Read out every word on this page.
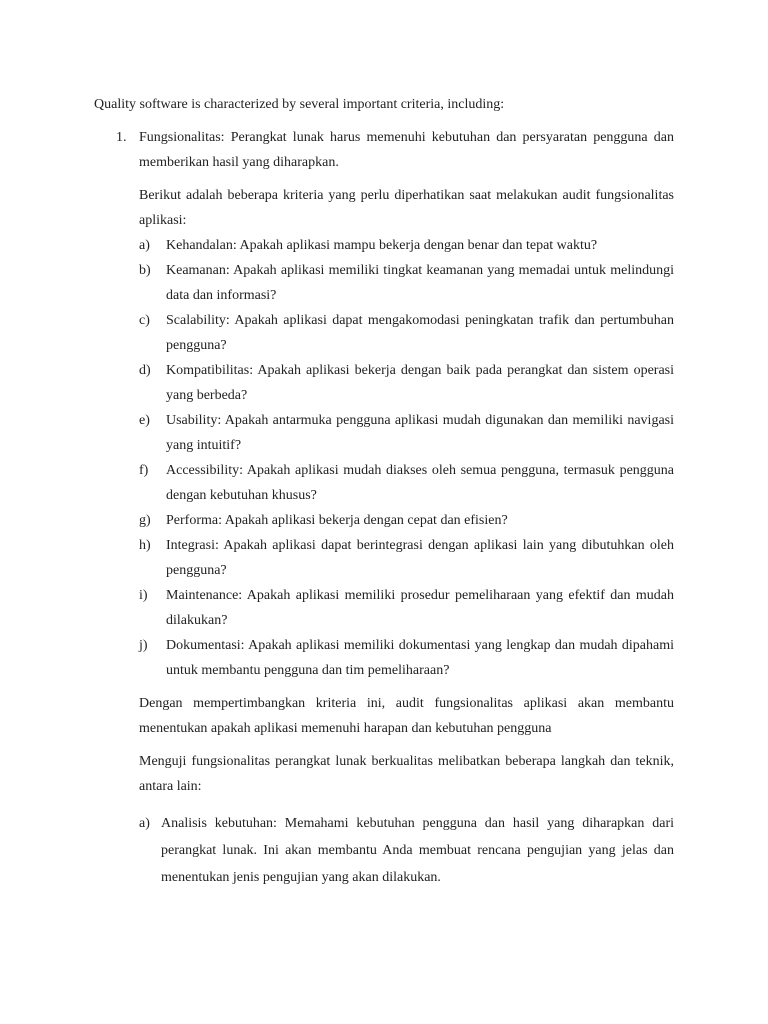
Quality software is characterized by several important criteria, including:
1. Fungsionalitas: Perangkat lunak harus memenuhi kebutuhan dan persyaratan pengguna dan memberikan hasil yang diharapkan.
Berikut adalah beberapa kriteria yang perlu diperhatikan saat melakukan audit fungsionalitas aplikasi:
a)	Kehandalan: Apakah aplikasi mampu bekerja dengan benar dan tepat waktu?
b)	Keamanan: Apakah aplikasi memiliki tingkat keamanan yang memadai untuk melindungi data dan informasi?
c)	Scalability: Apakah aplikasi dapat mengakomodasi peningkatan trafik dan pertumbuhan pengguna?
d)	Kompatibilitas: Apakah aplikasi bekerja dengan baik pada perangkat dan sistem operasi yang berbeda?
e)	Usability: Apakah antarmuka pengguna aplikasi mudah digunakan dan memiliki navigasi yang intuitif?
f)	Accessibility: Apakah aplikasi mudah diakses oleh semua pengguna, termasuk pengguna dengan kebutuhan khusus?
g)	Performa: Apakah aplikasi bekerja dengan cepat dan efisien?
h)	Integrasi: Apakah aplikasi dapat berintegrasi dengan aplikasi lain yang dibutuhkan oleh pengguna?
i)	Maintenance: Apakah aplikasi memiliki prosedur pemeliharaan yang efektif dan mudah dilakukan?
j)	Dokumentasi: Apakah aplikasi memiliki dokumentasi yang lengkap dan mudah dipahami untuk membantu pengguna dan tim pemeliharaan?
Dengan mempertimbangkan kriteria ini, audit fungsionalitas aplikasi akan membantu menentukan apakah aplikasi memenuhi harapan dan kebutuhan pengguna
Menguji fungsionalitas perangkat lunak berkualitas melibatkan beberapa langkah dan teknik, antara lain:
a) Analisis kebutuhan: Memahami kebutuhan pengguna dan hasil yang diharapkan dari perangkat lunak. Ini akan membantu Anda membuat rencana pengujian yang jelas dan menentukan jenis pengujian yang akan dilakukan.
